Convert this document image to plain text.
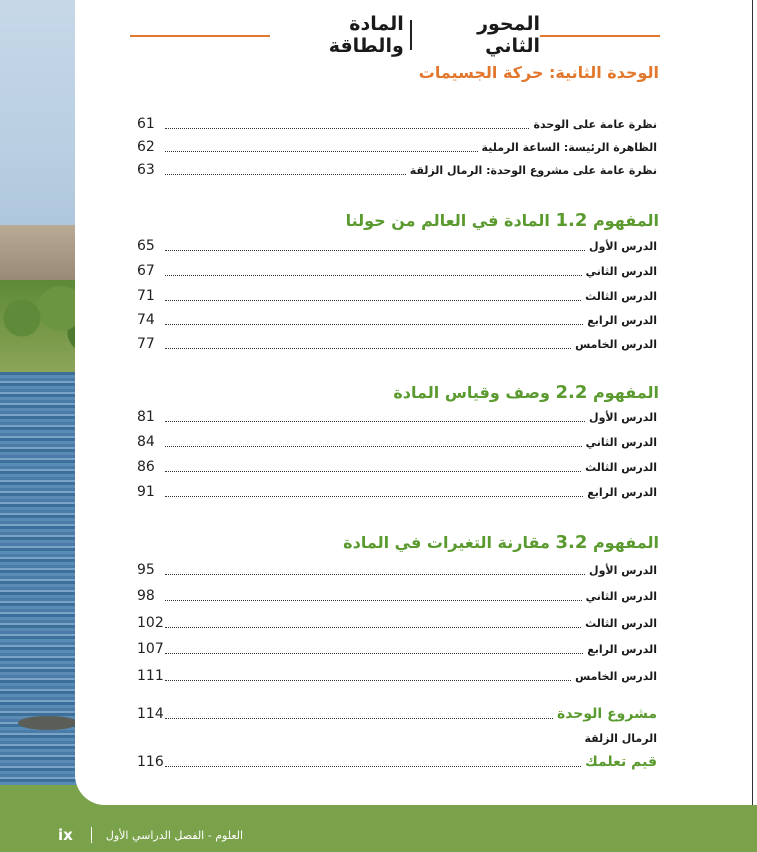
ix	العلوم - الفصل الدراسي الأول
المحور الثاني
المادة والطاقة
الوحدة الثانية: حركة الجسيمات
نظرة عامة على الوحدة
61
الظاهرة الرئيسة: الساعة الرملية
62
نظرة عامة على مشروع الوحدة: الرمال الزلقة
63
المفهوم 1.2 المادة في العالم من حولنا
الدرس الأول
65
الدرس الثاني
67
الدرس الثالث
71
الدرس الرابع
74
الدرس الخامس
77
المفهوم 2.2 وصف وقياس المادة
الدرس الأول
81
الدرس الثاني
84
الدرس الثالث
86
الدرس الرابع
91
المفهوم 3.2 مقارنة التغيرات في المادة
الدرس الأول
95
الدرس الثاني
98
الدرس الثالث
102
الدرس الرابع
107
الدرس الخامس
111
مشروع الوحدة
114
الرمال الزلقة
قيم تعلمك
116
